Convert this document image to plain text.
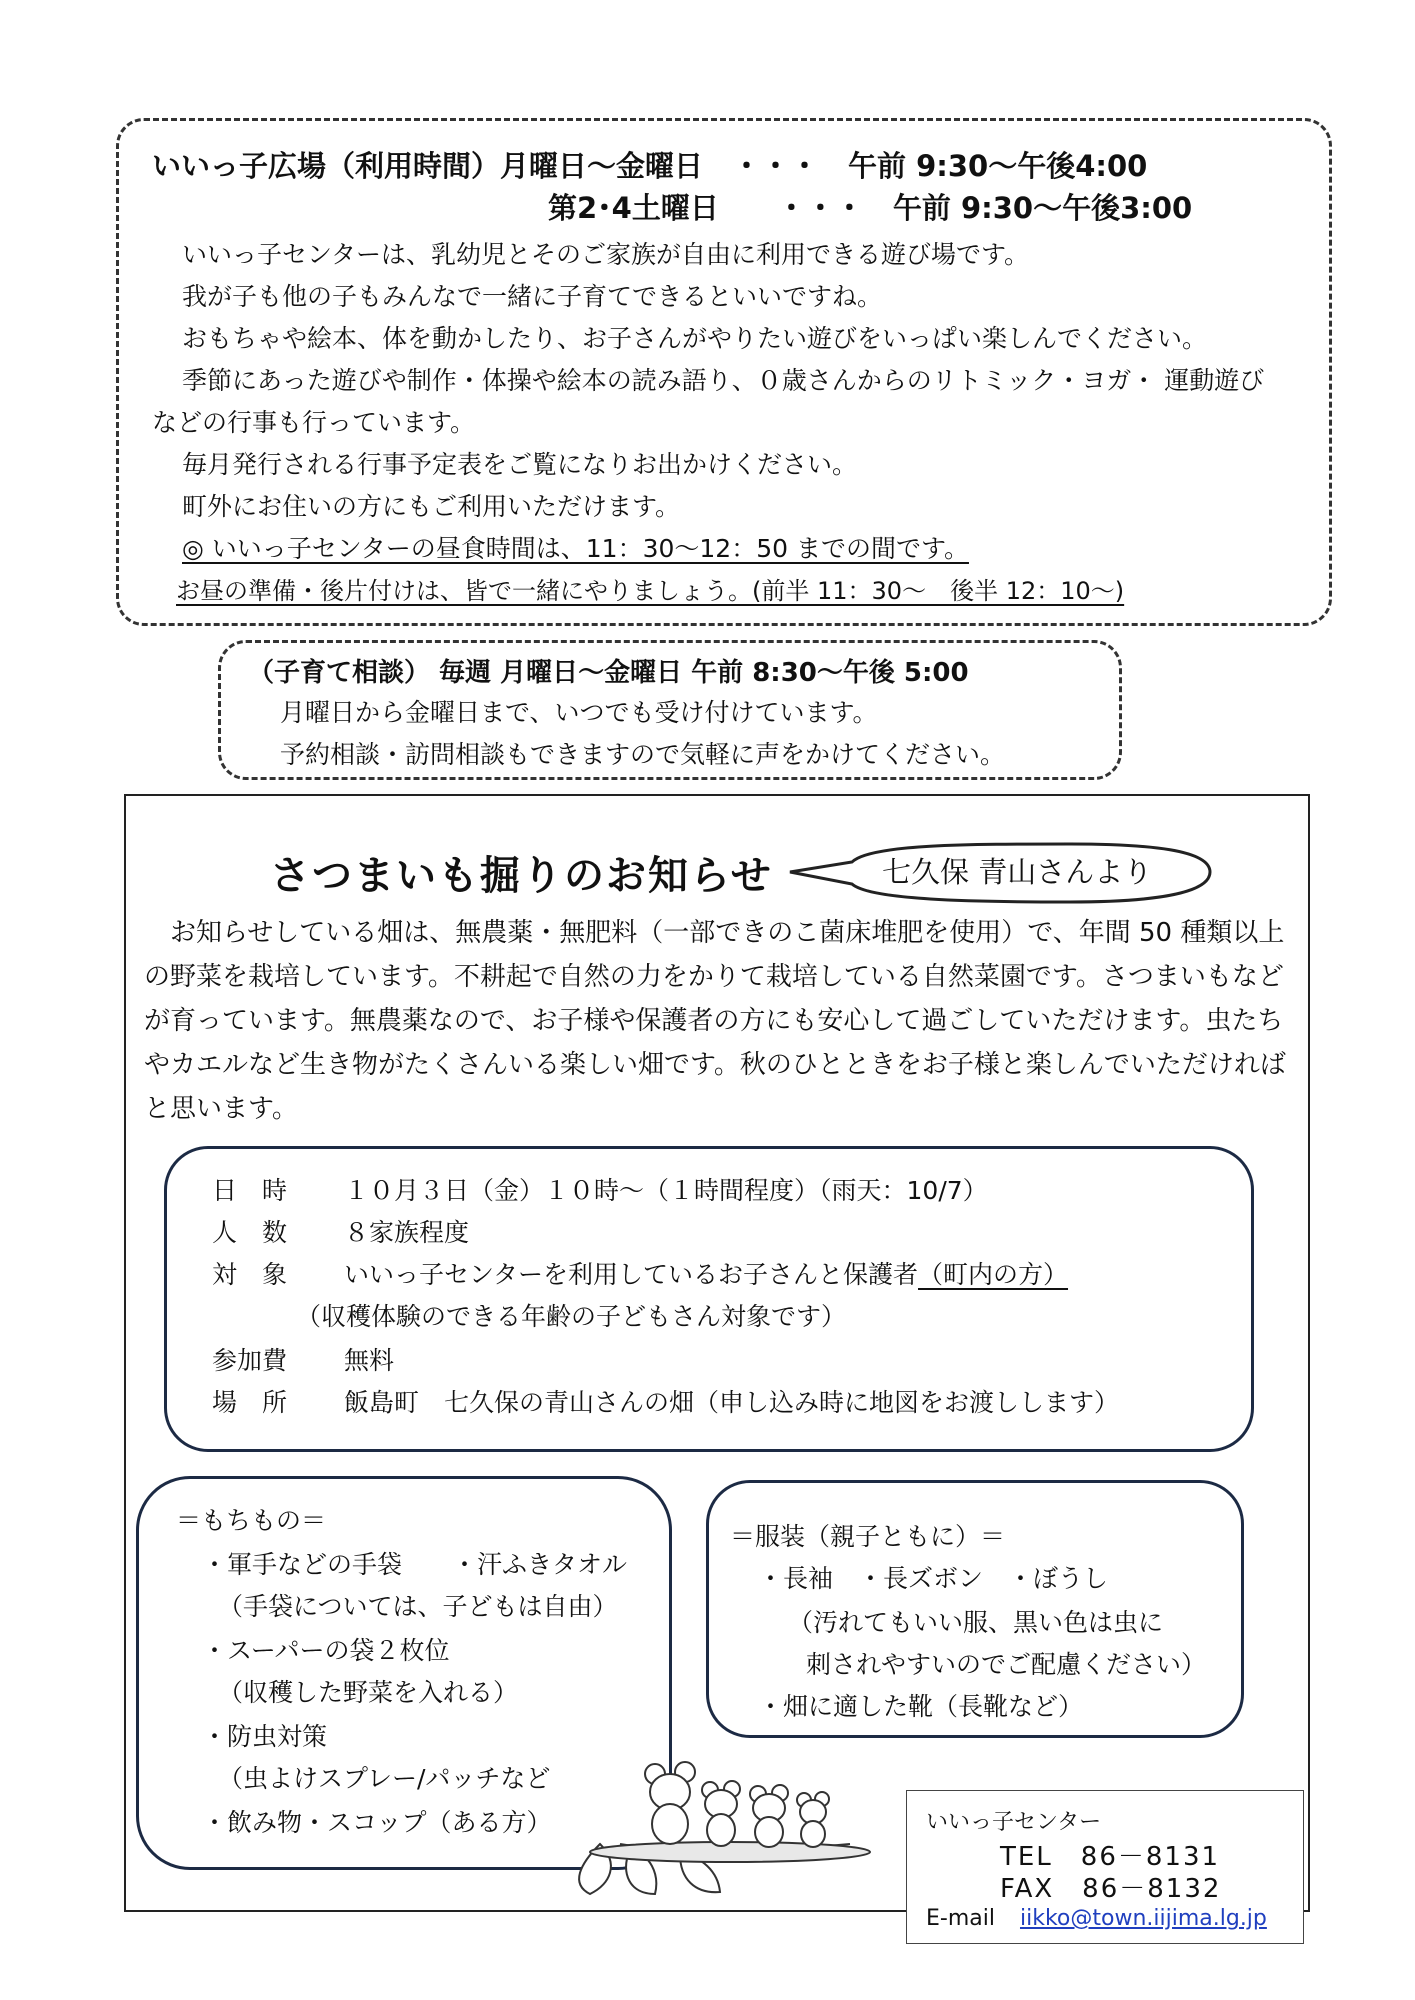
いいっ子広場（利用時間）月曜日～金曜日　・・・　午前 9:30～午後4:00
第2･4土曜日　　・・・　午前 9:30～午後3:00
いいっ子センターは、乳幼児とそのご家族が自由に利用できる遊び場です。
我が子も他の子もみんなで一緒に子育てできるといいですね。
おもちゃや絵本、体を動かしたり、お子さんがやりたい遊びをいっぱい楽しんでください。
季節にあった遊びや制作・体操や絵本の読み語り、０歳さんからのリトミック・ヨガ・ 運動遊び
などの行事も行っています。
毎月発行される行事予定表をご覧になりお出かけください。
町外にお住いの方にもご利用いただけます。
◎ いいっ子センターの昼食時間は、11：30～12：50 までの間です。
お昼の準備・後片付けは、皆で一緒にやりましょう。(前半 11：30～　後半 12：10～)
（子育て相談） 毎週 月曜日～金曜日 午前 8:30～午後 5:00
月曜日から金曜日まで、いつでも受け付けています。
予約相談・訪問相談もできますので気軽に声をかけてください。
さつまいも掘りのお知らせ	七久保 青山さんより
お知らせしている畑は、無農薬・無肥料（一部できのこ菌床堆肥を使用）で、年間 50 種類以上
の野菜を栽培しています。不耕起で自然の力をかりて栽培している自然菜園です。さつまいもなど
が育っています。無農薬なので、お子様や保護者の方にも安心して過ごしていただけます。虫たち
やカエルなど生き物がたくさんいる楽しい畑です。秋のひとときをお子様と楽しんでいただければ
と思います。
日　時 １０月３日（金）１０時～（１時間程度）（雨天：10/7）
人　数 ８家族程度
対　象 いいっ子センターを利用しているお子さんと保護者（町内の方）
（収穫体験のできる年齢の子どもさん対象です）
参加費 無料
場　所 飯島町　七久保の青山さんの畑（申し込み時に地図をお渡しします）
＝もちもの＝
・軍手などの手袋　　・汗ふきタオル
（手袋については、子どもは自由）
・スーパーの袋２枚位
（収穫した野菜を入れる）
・防虫対策
（虫よけスプレー/パッチなど
・飲み物・スコップ（ある方）
＝服装（親子ともに）＝
・長袖　・長ズボン　・ぼうし
（汚れてもいい服、黒い色は虫に
刺されやすいのでご配慮ください）
・畑に適した靴（長靴など）
いいっ子センター
TEL　86－8131
FAX　86－8132
E-mail iikko@town.iijima.lg.jp
